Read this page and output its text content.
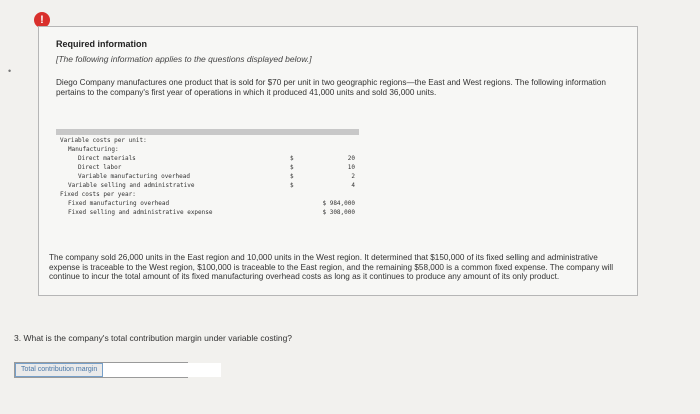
!
•
Required information
[The following information applies to the questions displayed below.]
Diego Company manufactures one product that is sold for $70 per unit in two geographic regions—the East and West regions. The following information pertains to the company's first year of operations in which it produced 41,000 units and sold 36,000 units.
Variable costs per unit:
Manufacturing:
Direct materials	$	20
Direct labor	$	10
Variable manufacturing overhead	$	2
Variable selling and administrative	$	4
Fixed costs per year:
Fixed manufacturing overhead	$ 984,000
Fixed selling and administrative expense	$ 308,000
The company sold 26,000 units in the East region and 10,000 units in the West region. It determined that $150,000 of its fixed selling and administrative expense is traceable to the West region, $100,000 is traceable to the East region, and the remaining $58,000 is a common fixed expense. The company will continue to incur the total amount of its fixed manufacturing overhead costs as long as it continues to produce any amount of its only product.
3. What is the company's total contribution margin under variable costing?
Total contribution margin
